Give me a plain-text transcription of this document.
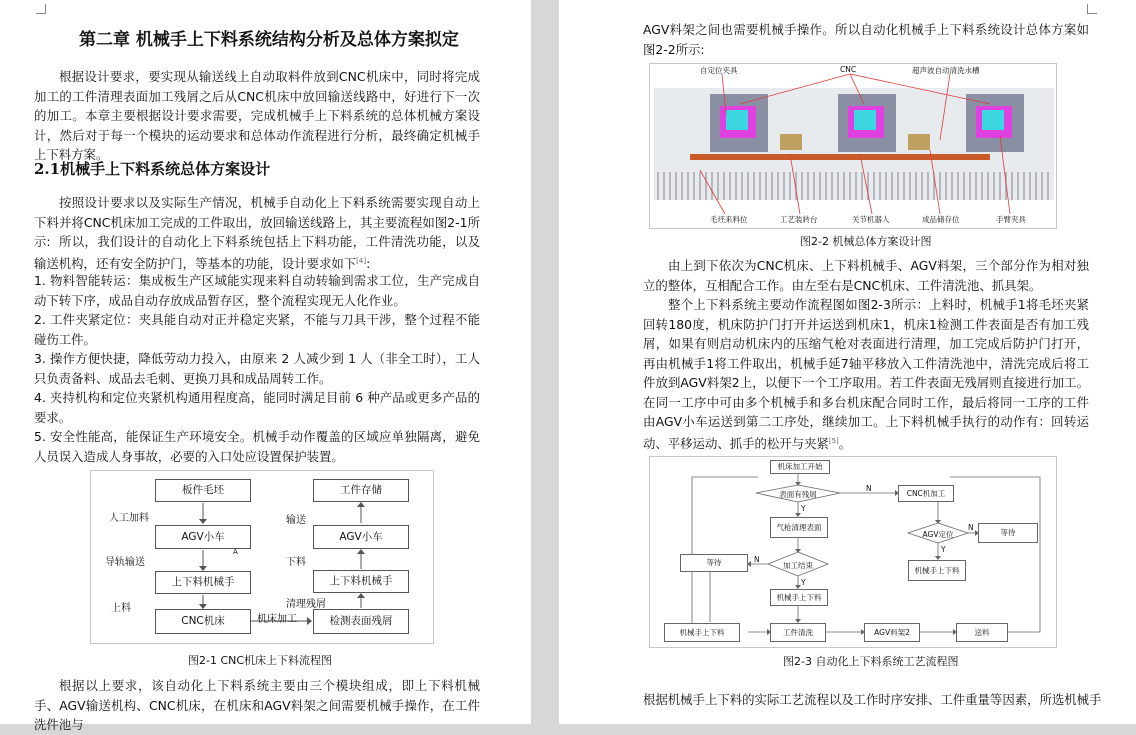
第二章 机械手上下料系统结构分析及总体方案拟定
根据设计要求，要实现从输送线上自动取料件放到CNC机床中，同时将完成加工的工件清理表面加工残屑之后从CNC机床中放回输送线路中，好进行下一次的加工。本章主要根据设计要求需要，完成机械手上下料系统的总体机械方案设计，然后对于每一个模块的运动要求和总体动作流程进行分析，最终确定机械手上下料方案。
2.1机械手上下料系统总体方案设计
按照设计要求以及实际生产情况，机械手自动化上下料系统需要实现自动上下料并将CNC机床加工完成的工件取出，放回输送线路上，其主要流程如图2-1所示: 所以，我们设计的自动化上下料系统包括上下料功能，工件清洗功能，以及输送机构，还有安全防护门，等基本的功能，设计要求如下[4]:
1. 物料智能转运：集成板生产区域能实现来料自动转输到需求工位，生产完成自动下转下序，成品自动存放成品暂存区，整个流程实现无人化作业。
2. 工件夹紧定位：夹具能自动对正并稳定夹紧，不能与刀具干涉，整个过程不能碰伤工件。
3. 操作方便快捷，降低劳动力投入，由原来 2 人减少到 1 人（非全工时），工人只负责备料、成品去毛刺、更换刀具和成品周转工作。
4. 夹持机构和定位夹紧机构通用程度高，能同时满足目前 6 种产品或更多产品的要求。
5. 安全性能高，能保证生产环境安全。机械手动作覆盖的区域应单独隔离，避免人员误入造成人身事故，必要的入口处应设置保护装置。
板件毛坯
AGV小车
上下料机械手
CNC机床
工件存储
AGV小车
上下料机械手
检测表面残屑
人工加料
导轨输送
上料
机床加工
输送
下料
清理残屑
A
图2-1 CNC机床上下料流程图
根据以上要求，该自动化上下料系统主要由三个模块组成，即上下料机械手、AGV输送机构、CNC机床，在机床和AGV料架之间需要机械手操作，在工件洗件池与
AGV料架之间也需要机械手操作。所以自动化机械手上下料系统设计总体方案如图2-2所示:
自定位夹具	CNC	超声波自动清洗水槽
毛坯来料位	工艺装转台	关节机器人	成品储存位	手臂夹具
图2-2 机械总体方案设计图
由上到下依次为CNC机床、上下料机械手、AGV料架，三个部分作为相对独立的整体，互相配合工作。由左至右是CNC机床、工件清洗池、抓具架。
整个上下料系统主要动作流程图如图2-3所示：上料时，机械手1将毛坯夹紧回转180度，机床防护门打开并运送到机床1，机床1检测工件表面是否有加工残屑，如果有则启动机床内的压缩气枪对表面进行清理，加工完成后防护门打开，再由机械手1将工件取出，机械手延7轴平移放入工件清洗池中，清洗完成后将工件放到AGV料架2上，以便下一个工序取用。若工件表面无残屑则直接进行加工。在同一工序中可由多个机械手和多台机床配合同时工作，最后将同一工序的工件由AGV小车运送到第二工序处，继续加工。上下料机械手执行的动作有：回转运动、平移运动、抓手的松开与夹紧[5]。
机床加工开始
表面有残屑
气枪清理表面
加工结束
等待
机械手上下料
CNC机加工
AGV定位	等待
机械手上下料
机械手上下料	工件清洗	AGV料架2	送料
Y
Y
Y
N
N
N
图2-3 自动化上下料系统工艺流程图
根据机械手上下料的实际工艺流程以及工作时序安排、工件重量等因素，所选机械手
